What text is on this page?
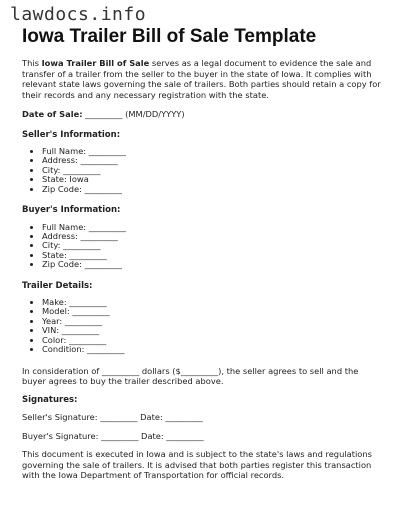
lawdocs.info
Iowa Trailer Bill of Sale Template

This Iowa Trailer Bill of Sale serves as a legal document to evidence the sale and transfer of a trailer from the seller to the buyer in the state of Iowa. It complies with relevant state laws governing the sale of trailers. Both parties should retain a copy for their records and any necessary registration with the state.

Date of Sale: _________ (MM/DD/YYYY)

Seller's Information:
• Full Name: _________
• Address: _________
• City: _________
• State: Iowa
• Zip Code: _________
Buyer's Information:
• Full Name: _________
• Address: _________
• City: _________
• State: _________
• Zip Code: _________
Trailer Details:
• Make: _________
• Model: _________
• Year: _________
• VIN: _________
• Color: _________
• Condition: _________

In consideration of _________ dollars ($_________), the seller agrees to sell and the buyer agrees to buy the trailer described above.

Signatures:

Seller's Signature: _________ Date: _________

Buyer's Signature: _________ Date: _________

This document is executed in Iowa and is subject to the state's laws and regulations governing the sale of trailers. It is advised that both parties register this transaction with the Iowa Department of Transportation for official records.
